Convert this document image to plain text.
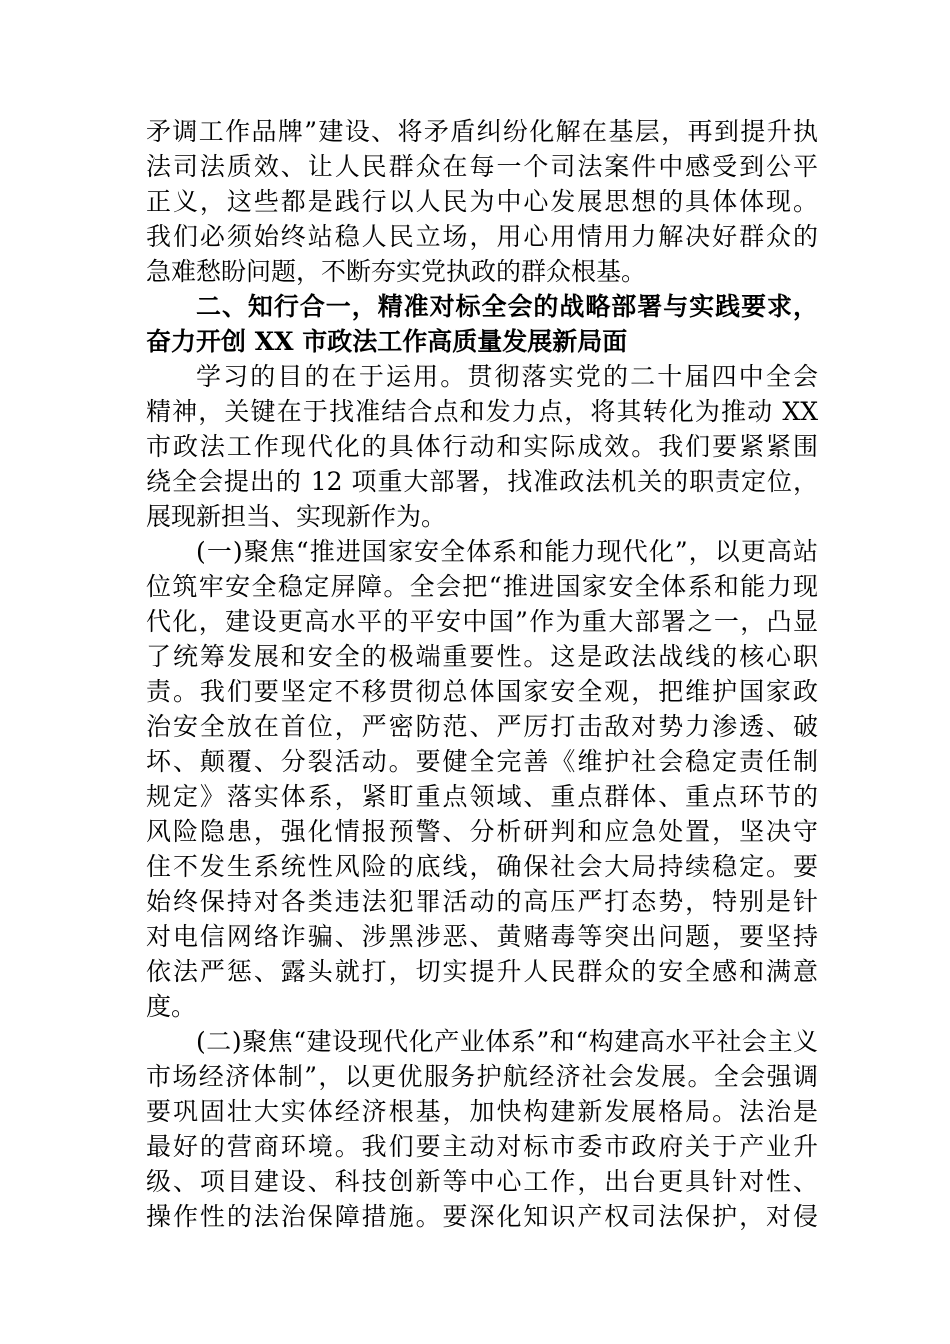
矛调工作品牌”建设、将矛盾纠纷化解在基层，再到提升执
法司法质效、让人民群众在每一个司法案件中感受到公平
正义，这些都是践行以人民为中心发展思想的具体体现。
我们必须始终站稳人民立场，用心用情用力解决好群众的
急难愁盼问题，不断夯实党执政的群众根基。
二、知行合一，精准对标全会的战略部署与实践要求，
奋力开创 XX 市政法工作高质量发展新局面
学习的目的在于运用。贯彻落实党的二十届四中全会
精神，关键在于找准结合点和发力点，将其转化为推动 XX
市政法工作现代化的具体行动和实际成效。我们要紧紧围
绕全会提出的 12 项重大部署，找准政法机关的职责定位，
展现新担当、实现新作为。
(一)聚焦“推进国家安全体系和能力现代化”，以更高站
位筑牢安全稳定屏障。全会把“推进国家安全体系和能力现
代化，建设更高水平的平安中国”作为重大部署之一，凸显
了统筹发展和安全的极端重要性。这是政法战线的核心职
责。我们要坚定不移贯彻总体国家安全观，把维护国家政
治安全放在首位，严密防范、严厉打击敌对势力渗透、破
坏、颠覆、分裂活动。要健全完善《维护社会稳定责任制
规定》落实体系，紧盯重点领域、重点群体、重点环节的
风险隐患，强化情报预警、分析研判和应急处置，坚决守
住不发生系统性风险的底线，确保社会大局持续稳定。要
始终保持对各类违法犯罪活动的高压严打态势，特别是针
对电信网络诈骗、涉黑涉恶、黄赌毒等突出问题，要坚持
依法严惩、露头就打，切实提升人民群众的安全感和满意
度。
(二)聚焦“建设现代化产业体系”和“构建高水平社会主义
市场经济体制”，以更优服务护航经济社会发展。全会强调
要巩固壮大实体经济根基，加快构建新发展格局。法治是
最好的营商环境。我们要主动对标市委市政府关于产业升
级、项目建设、科技创新等中心工作，出台更具针对性、
操作性的法治保障措施。要深化知识产权司法保护，对侵
